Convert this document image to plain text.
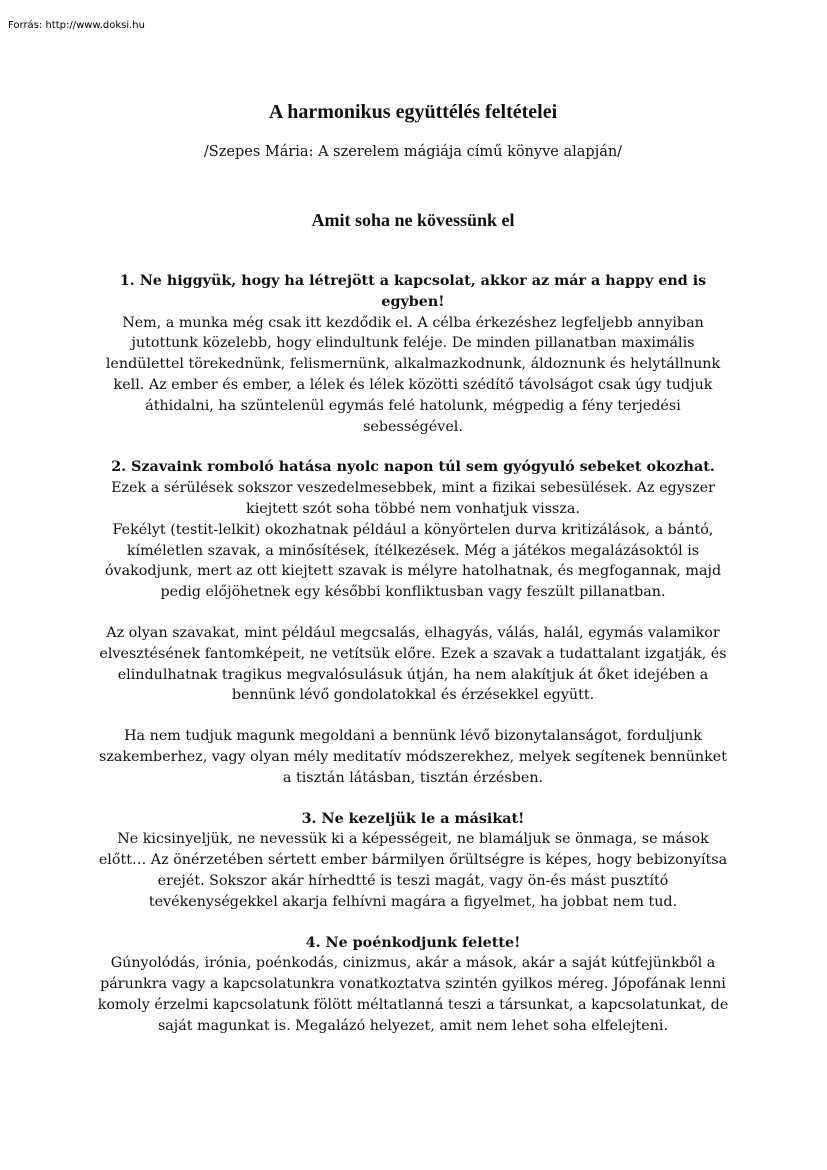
Forrás: http://www.doksi.hu
A harmonikus együttélés feltételei
/Szepes Mária: A szerelem mágiája című könyve alapján/
Amit soha ne kövessünk el
1. Ne higgyük, hogy ha létrejött a kapcsolat, akkor az már a happy end is egyben!

Nem, a munka még csak itt kezdődik el. A célba érkezéshez legfeljebb annyiban jutottunk közelebb, hogy elindultunk feléje. De minden pillanatban maximális lendülettel törekednünk, felismernünk, alkalmazkodnunk, áldoznunk és helytállnunk kell. Az ember és ember, a lélek és lélek közötti szédítő távolságot csak úgy tudjuk áthidalni, ha szüntelenül egymás felé hatolunk, mégpedig a fény terjedési sebességével.

2. Szavaink romboló hatása nyolc napon túl sem gyógyuló sebeket okozhat.

Ezek a sérülések sokszor veszedelmesebbek, mint a fizikai sebesülések. Az egyszer kiejtett szót soha többé nem vonhatjuk vissza.

Fekélyt (testit-lelkit) okozhatnak például a könyörtelen durva kritizálások, a bántó, kíméletlen szavak, a minősítések, ítélkezések. Még a játékos megalázásoktól is óvakodjunk, mert az ott kiejtett szavak is mélyre hatolhatnak, és megfogannak, majd pedig előjöhetnek egy későbbi konfliktusban vagy feszült pillanatban.

Az olyan szavakat, mint például megcsalás, elhagyás, válás, halál, egymás valamikor elvesztésének fantomképeit, ne vetítsük előre. Ezek a szavak a tudattalant izgatják, és elindulhatnak tragikus megvalósulásuk útján, ha nem alakítjuk át őket idejében a bennünk lévő gondolatokkal és érzésekkel együtt.

Ha nem tudjuk magunk megoldani a bennünk lévő bizonytalanságot, forduljunk szakemberhez, vagy olyan mély meditatív módszerekhez, melyek segítenek bennünket a tisztán látásban, tisztán érzésben.

3. Ne kezeljük le a másikat!

Ne kicsinyeljük, ne nevessük ki a képességeit, ne blamáljuk se önmaga, se mások előtt… Az önérzetében sértett ember bármilyen őrültségre is képes, hogy bebizonyítsa erejét. Sokszor akár hírhedtté is teszi magát, vagy ön-és mást pusztító tevékenységekkel akarja felhívni magára a figyelmet, ha jobbat nem tud.

4. Ne poénkodjunk felette!

Gúnyolódás, irónia, poénkodás, cinizmus, akár a mások, akár a saját kútfejünkből a párunkra vagy a kapcsolatunkra vonatkoztatva szintén gyilkos méreg. Jópofának lenni komoly érzelmi kapcsolatunk fölött méltatlanná teszi a társunkat, a kapcsolatunkat, de saját magunkat is. Megalázó helyezet, amit nem lehet soha elfelejteni.
